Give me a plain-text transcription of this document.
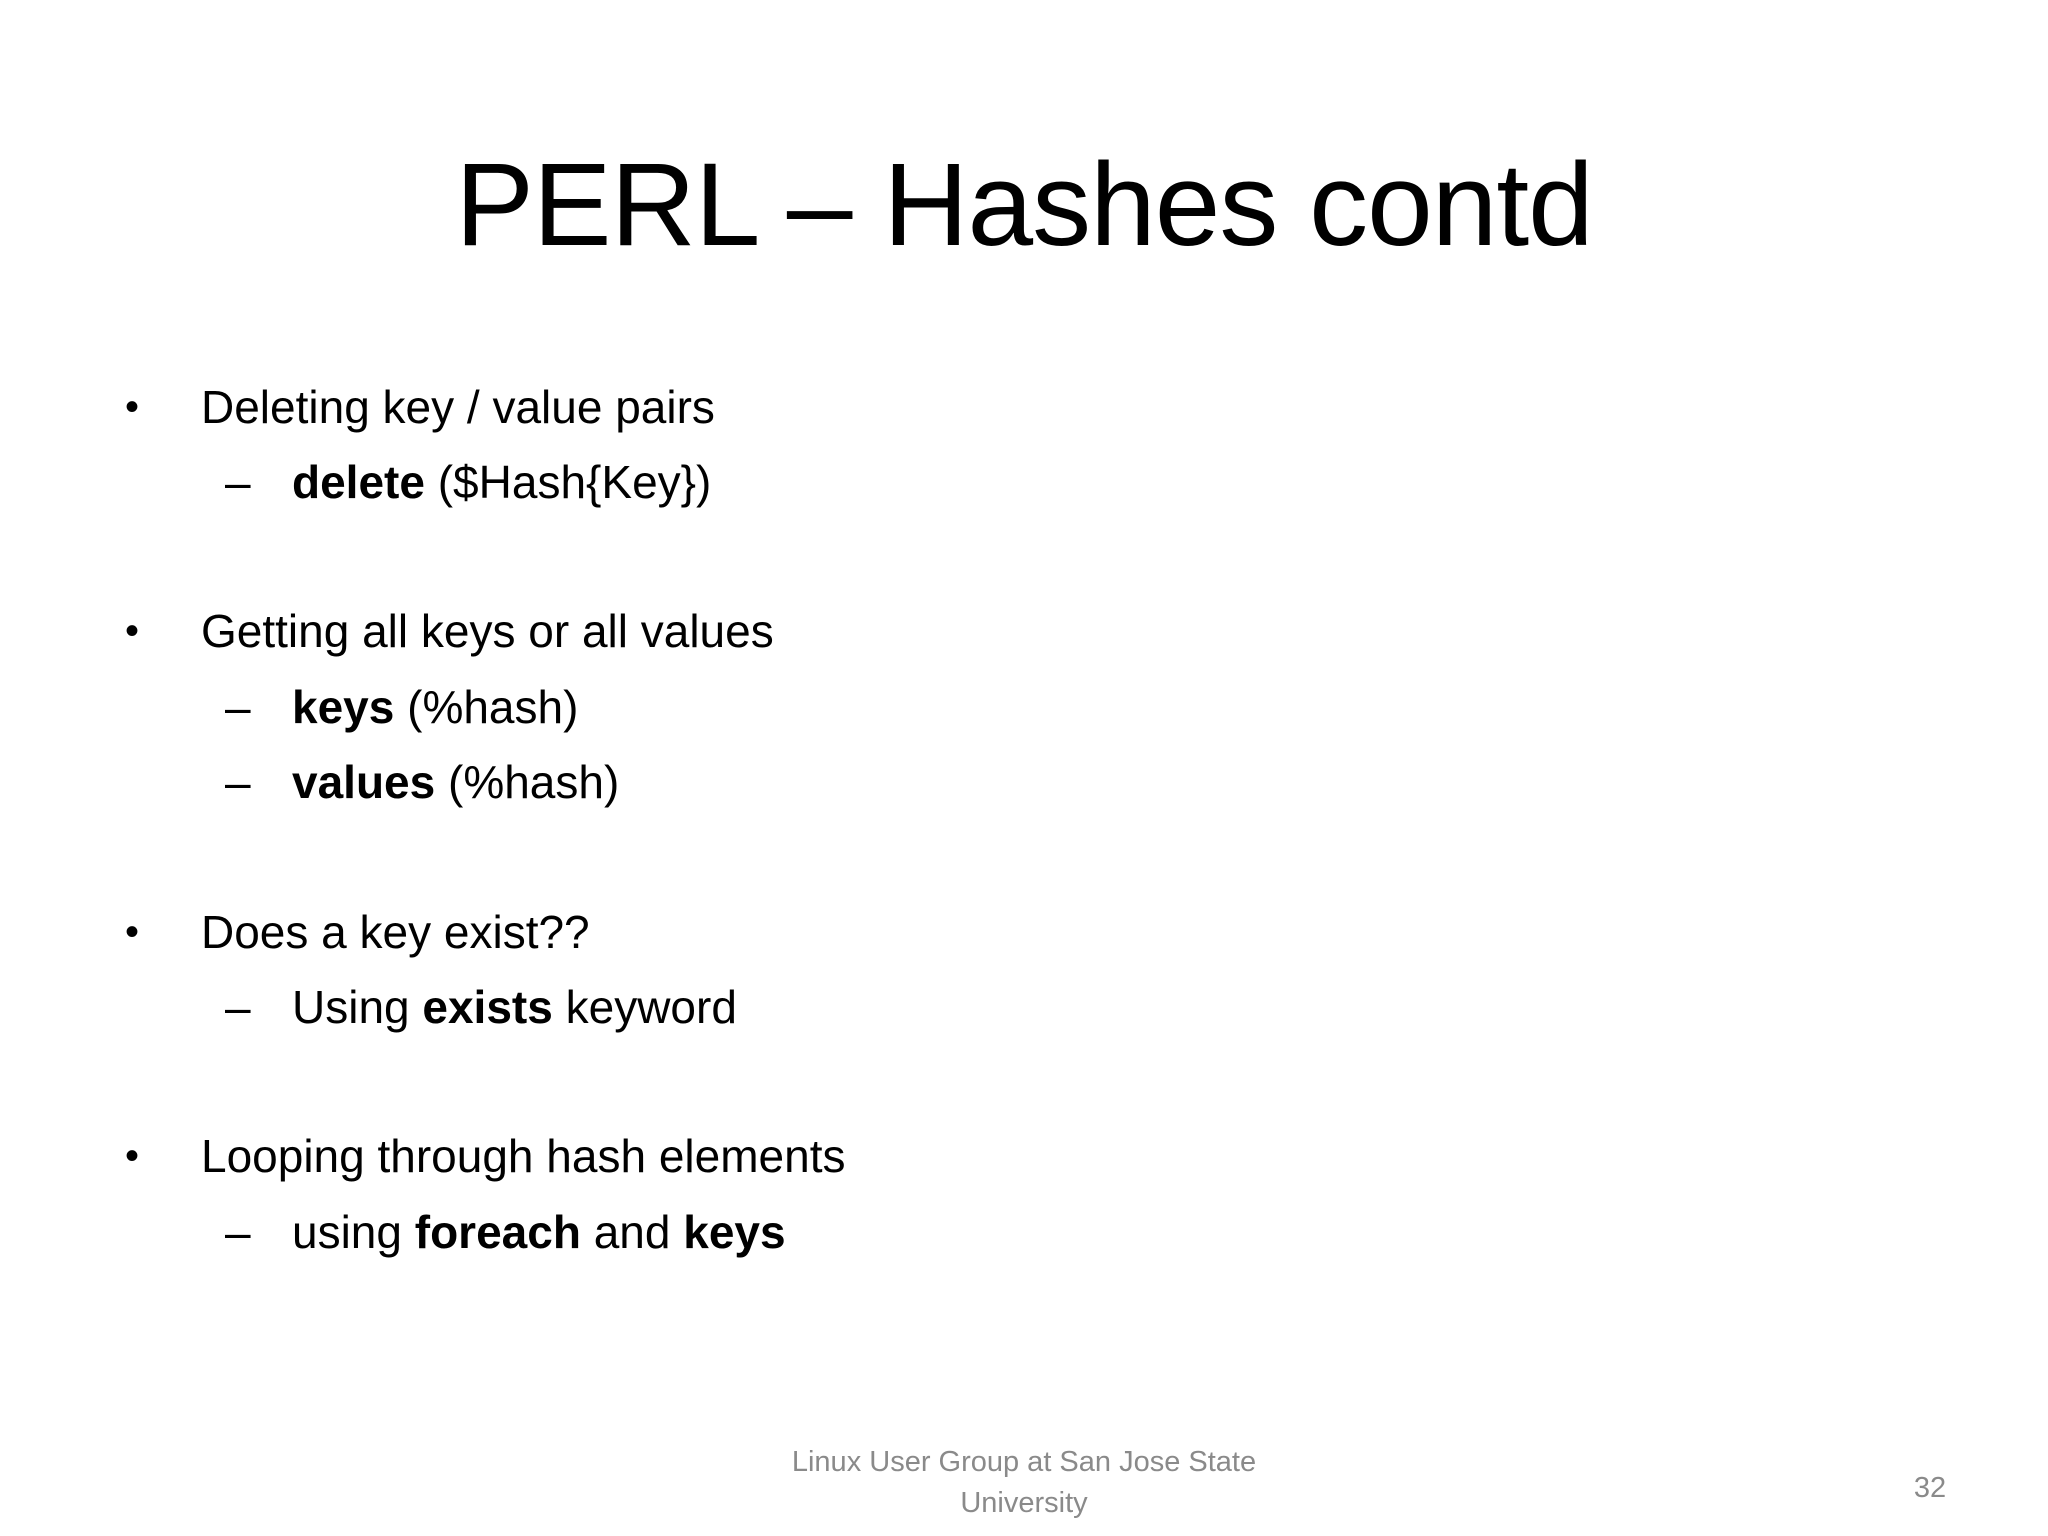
PERL – Hashes contd
• Deleting key / value pairs
– delete ($Hash{Key})
• Getting all keys or all values
– keys (%hash)
– values (%hash)
• Does a key exist??
– Using exists keyword
• Looping through hash elements
– using foreach and keys
Linux User Group at San Jose State
University	32
